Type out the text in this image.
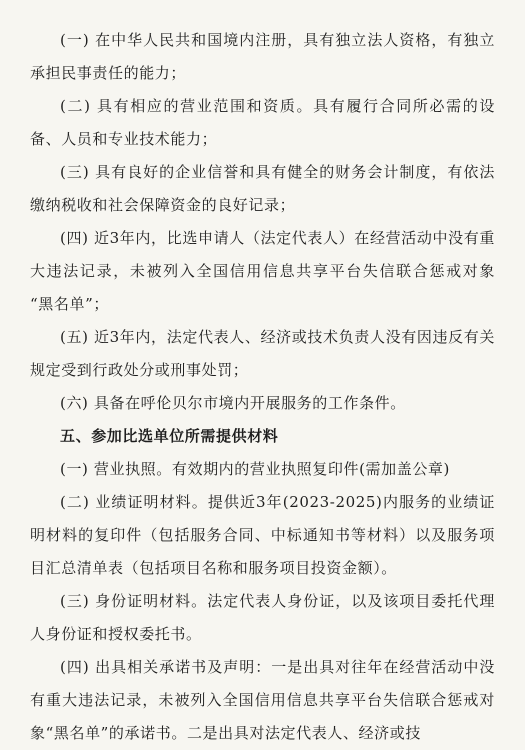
(一) 在中华人民共和国境内注册，具有独立法人资格，有独立承担民事责任的能力；

(二) 具有相应的营业范围和资质。具有履行合同所必需的设备、人员和专业技术能力；

(三) 具有良好的企业信誉和具有健全的财务会计制度，有依法缴纳税收和社会保障资金的良好记录；

(四) 近3年内，比选申请人（法定代表人）在经营活动中没有重大违法记录，未被列入全国信用信息共享平台失信联合惩戒对象 “黑名单”；

(五) 近3年内，法定代表人、经济或技术负责人没有因违反有关规定受到行政处分或刑事处罚；

(六) 具备在呼伦贝尔市境内开展服务的工作条件。

五、参加比选单位所需提供材料

(一) 营业执照。有效期内的营业执照复印件(需加盖公章)

(二) 业绩证明材料。提供近3年(2023-2025)内服务的业绩证明材料的复印件（包括服务合同、中标通知书等材料）以及服务项目汇总清单表（包括项目名称和服务项目投资金额）。

(三) 身份证明材料。法定代表人身份证，以及该项目委托代理人身份证和授权委托书。

(四) 出具相关承诺书及声明：一是出具对往年在经营活动中没有重大违法记录，未被列入全国信用信息共享平台失信联合惩戒对象“黑名单”的承诺书。二是出具对法定代表人、经济或技
